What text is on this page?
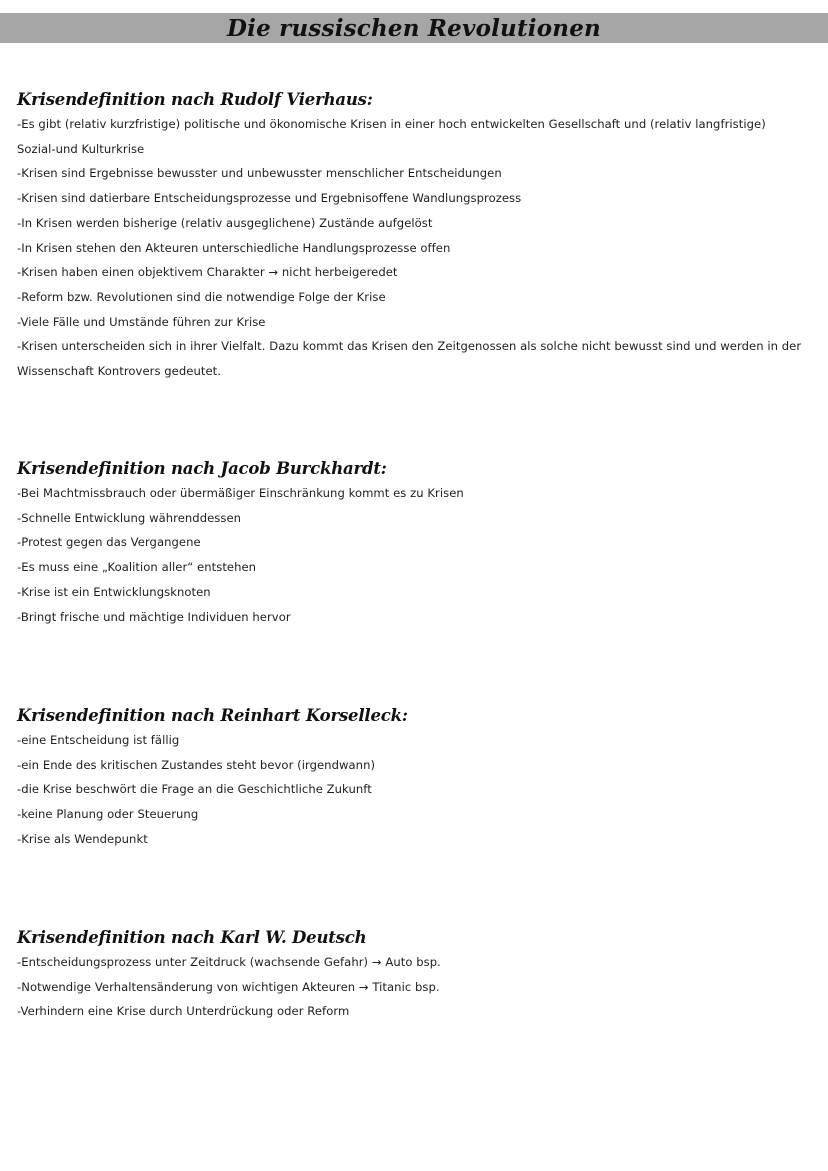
Die russischen Revolutionen
Krisendefinition nach Rudolf Vierhaus:
-Es gibt (relativ kurzfristige) politische und ökonomische Krisen in einer hoch entwickelten Gesellschaft und (relativ langfristige) Sozial-und Kulturkrise
-Krisen sind Ergebnisse bewusster und unbewusster menschlicher Entscheidungen
-Krisen sind datierbare Entscheidungsprozesse und Ergebnisoffene Wandlungsprozess
-In Krisen werden bisherige (relativ ausgeglichene) Zustände aufgelöst
-In Krisen stehen den Akteuren unterschiedliche Handlungsprozesse offen
-Krisen haben einen objektivem Charakter → nicht herbeigeredet
-Reform bzw. Revolutionen sind die notwendige Folge der Krise
-Viele Fälle und Umstände führen zur Krise
-Krisen unterscheiden sich in ihrer Vielfalt. Dazu kommt das Krisen den Zeitgenossen als solche nicht bewusst sind und werden in der Wissenschaft Kontrovers gedeutet.
Krisendefinition nach Jacob Burckhardt:
-Bei Machtmissbrauch oder übermäßiger Einschränkung kommt es zu Krisen
-Schnelle Entwicklung währenddessen
-Protest gegen das Vergangene
-Es muss eine „Koalition aller“ entstehen
-Krise ist ein Entwicklungsknoten
-Bringt frische und mächtige Individuen hervor
Krisendefinition nach Reinhart Korselleck:
-eine Entscheidung ist fällig
-ein Ende des kritischen Zustandes steht bevor (irgendwann)
-die Krise beschwört die Frage an die Geschichtliche Zukunft
-keine Planung oder Steuerung
-Krise als Wendepunkt
Krisendefinition nach Karl W. Deutsch
-Entscheidungsprozess unter Zeitdruck (wachsende Gefahr) → Auto bsp.
-Notwendige Verhaltensänderung von wichtigen Akteuren → Titanic bsp.
-Verhindern eine Krise durch Unterdrückung oder Reform
